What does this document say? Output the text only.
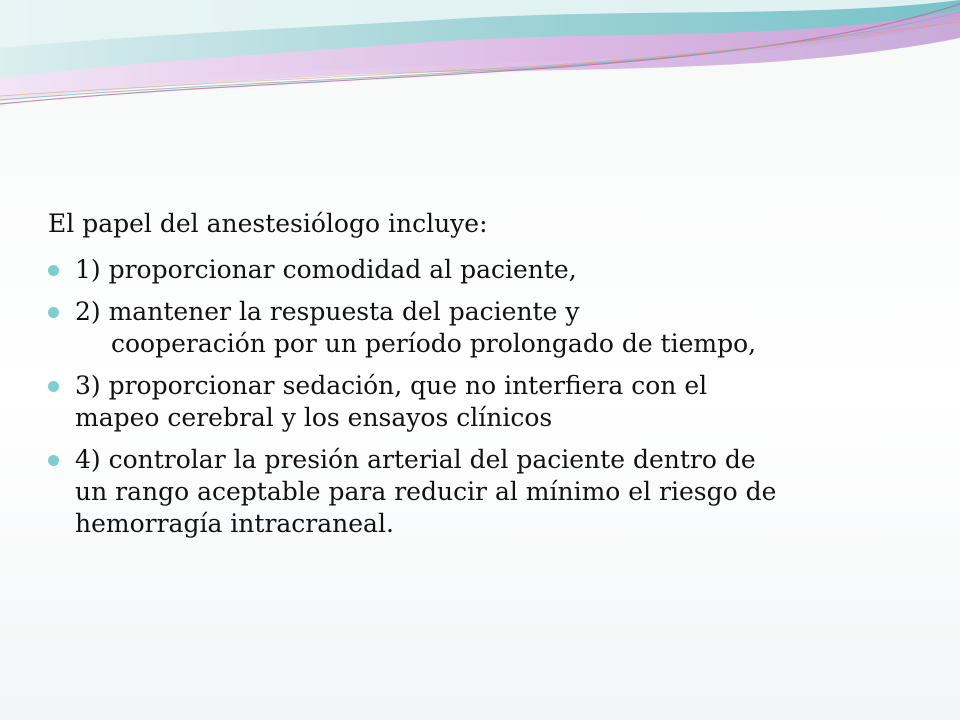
El papel del anestesiólogo incluye:

1) proporcionar comodidad al paciente,
2) mantener la respuesta del paciente y
cooperación por un período prolongado de tiempo,
3) proporcionar sedación, que no interfiera con el
mapeo cerebral y los ensayos clínicos
4) controlar la presión arterial del paciente dentro de
un rango aceptable para reducir al mínimo el riesgo de
hemorragía intracraneal.
